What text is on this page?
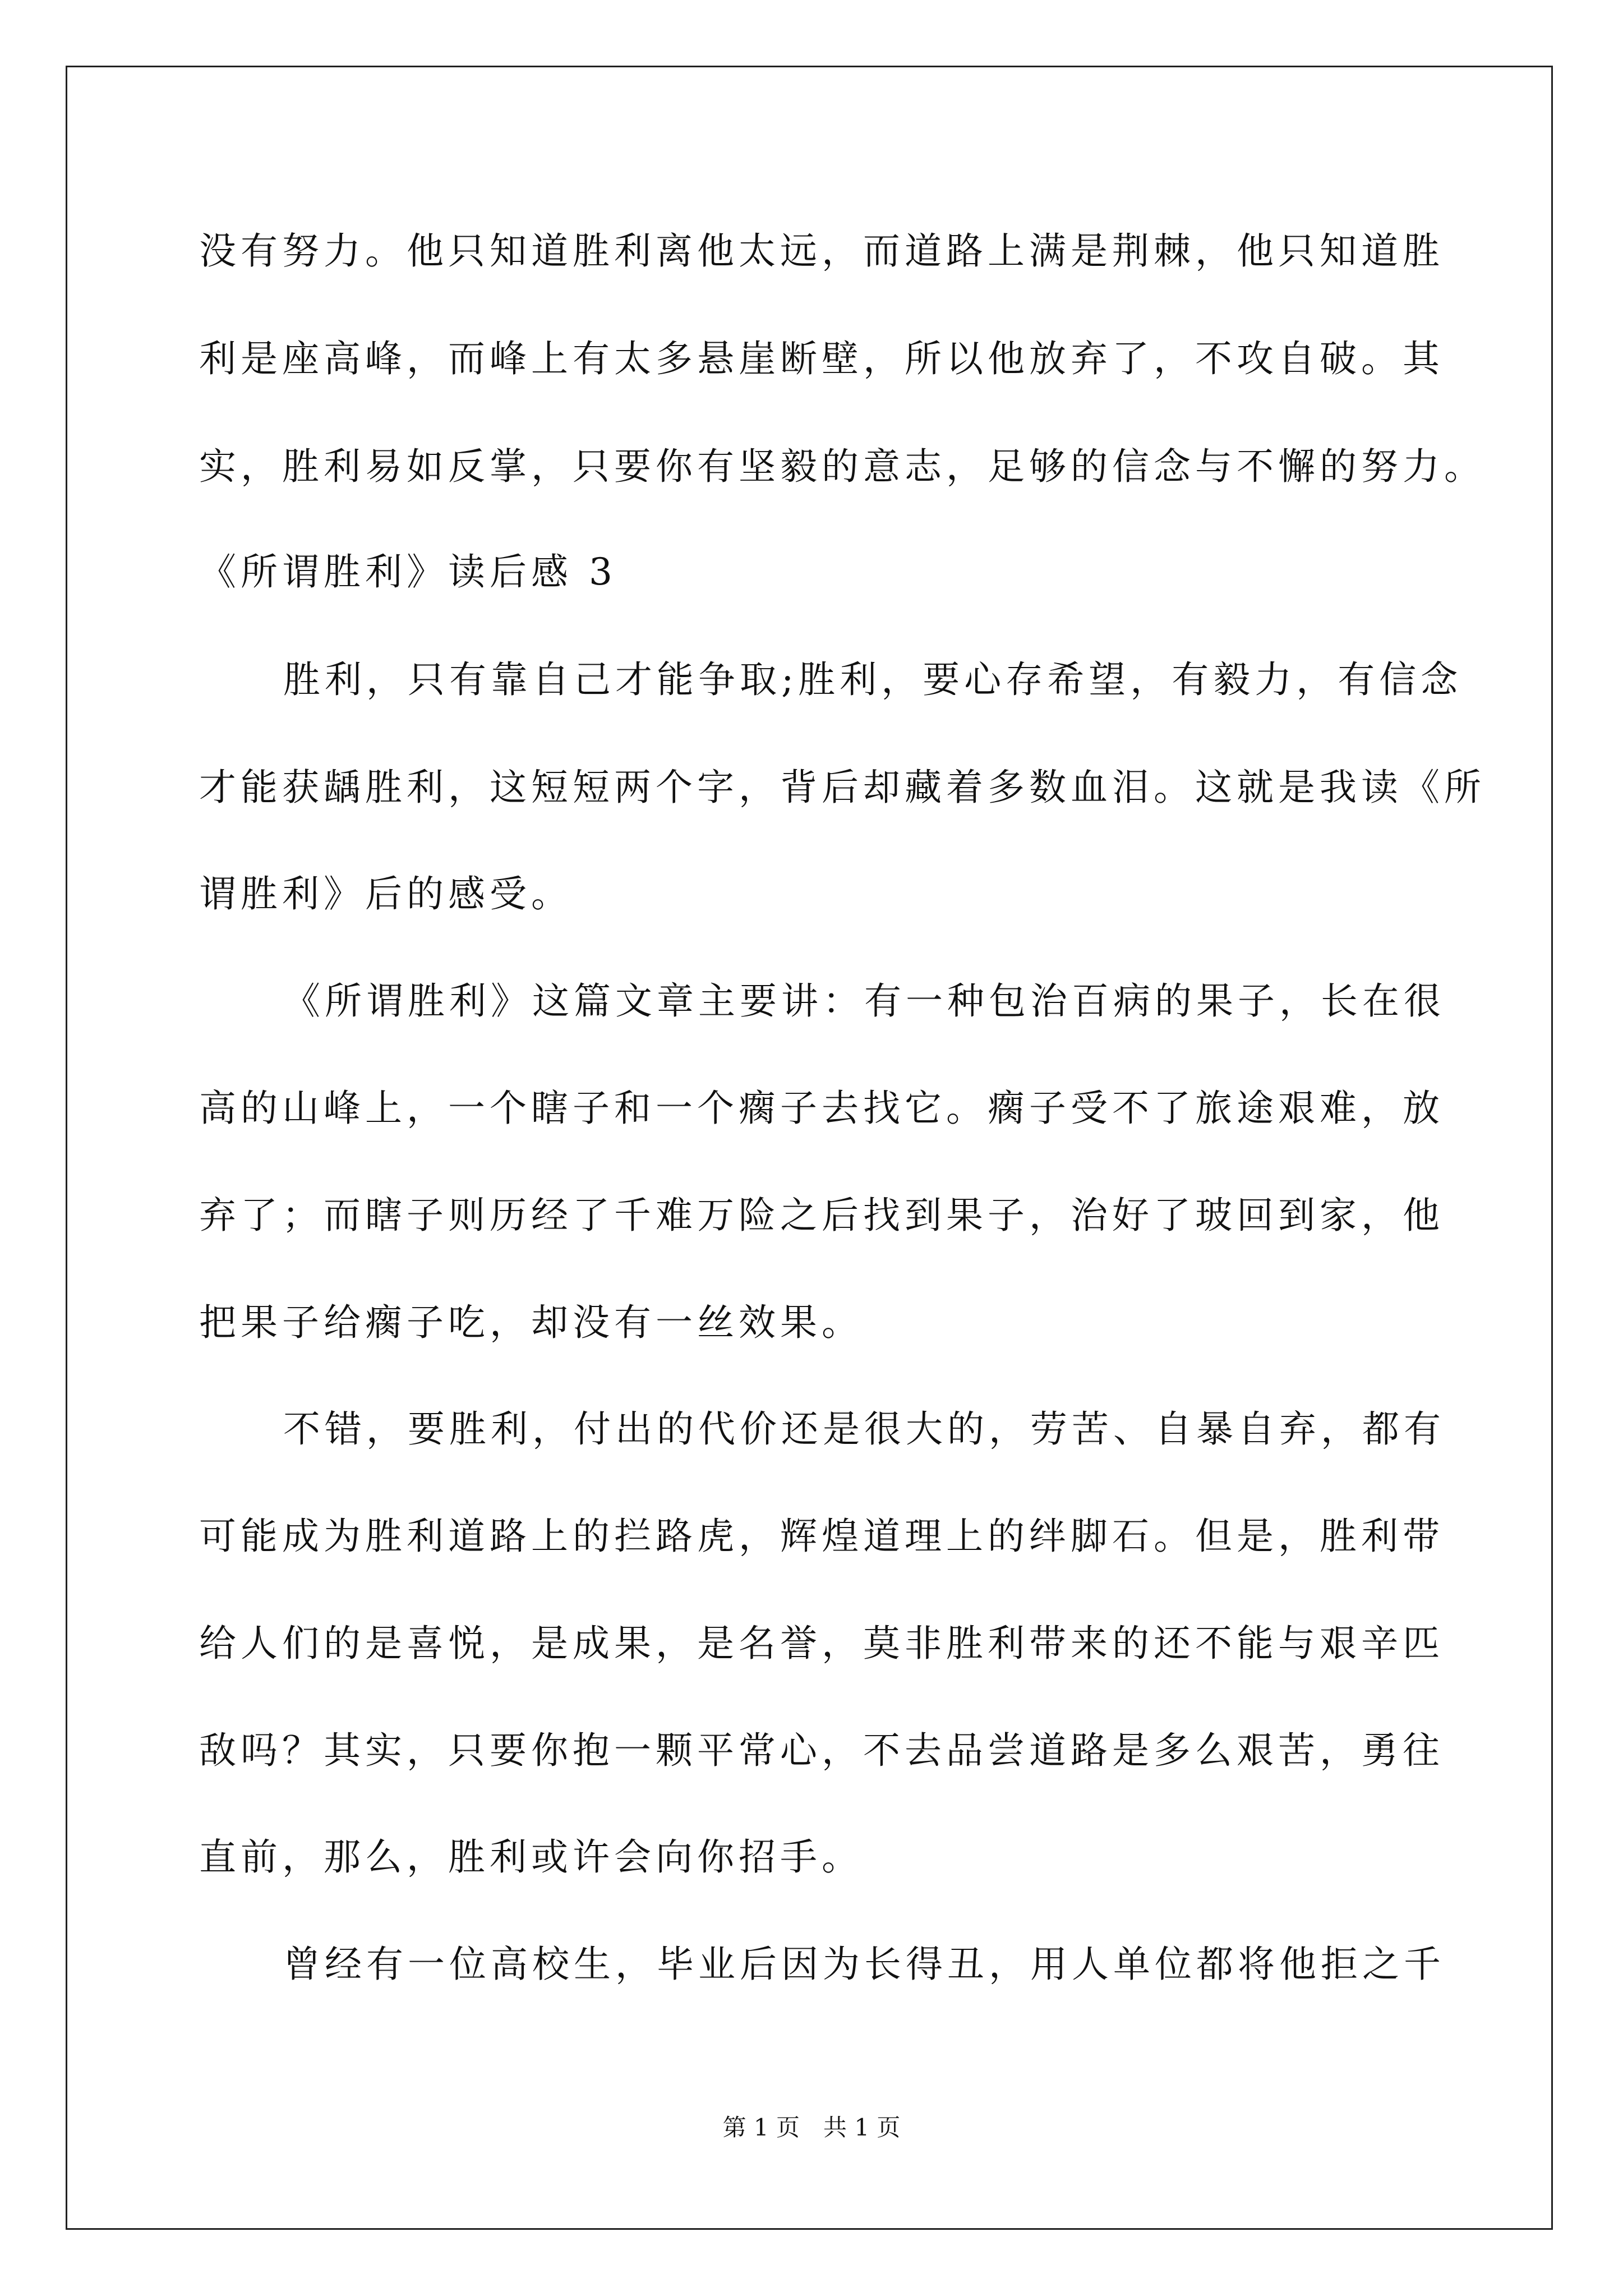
没有努力。他只知道胜利离他太远，而道路上满是荆棘，他只知道胜
利是座高峰，而峰上有太多悬崖断壁，所以他放弃了，不攻自破。其
实，胜利易如反掌，只要你有坚毅的意志，足够的信念与不懈的努力。
《所谓胜利》读后感 3
胜利，只有靠自己才能争取;胜利，要心存希望，有毅力，有信念
才能获龋胜利，这短短两个字，背后却藏着多数血泪。这就是我读《所
谓胜利》后的感受。
《所谓胜利》这篇文章主要讲：有一种包治百病的果子，长在很
高的山峰上，一个瞎子和一个瘸子去找它。瘸子受不了旅途艰难，放
弃了；而瞎子则历经了千难万险之后找到果子，治好了玻回到家，他
把果子给瘸子吃，却没有一丝效果。
不错，要胜利，付出的代价还是很大的，劳苦、自暴自弃，都有
可能成为胜利道路上的拦路虎，辉煌道理上的绊脚石。但是，胜利带
给人们的是喜悦，是成果，是名誉，莫非胜利带来的还不能与艰辛匹
敌吗？其实，只要你抱一颗平常心，不去品尝道路是多么艰苦，勇往
直前，那么，胜利或许会向你招手。
曾经有一位高校生，毕业后因为长得丑，用人单位都将他拒之千
第 1 页　共 1 页
